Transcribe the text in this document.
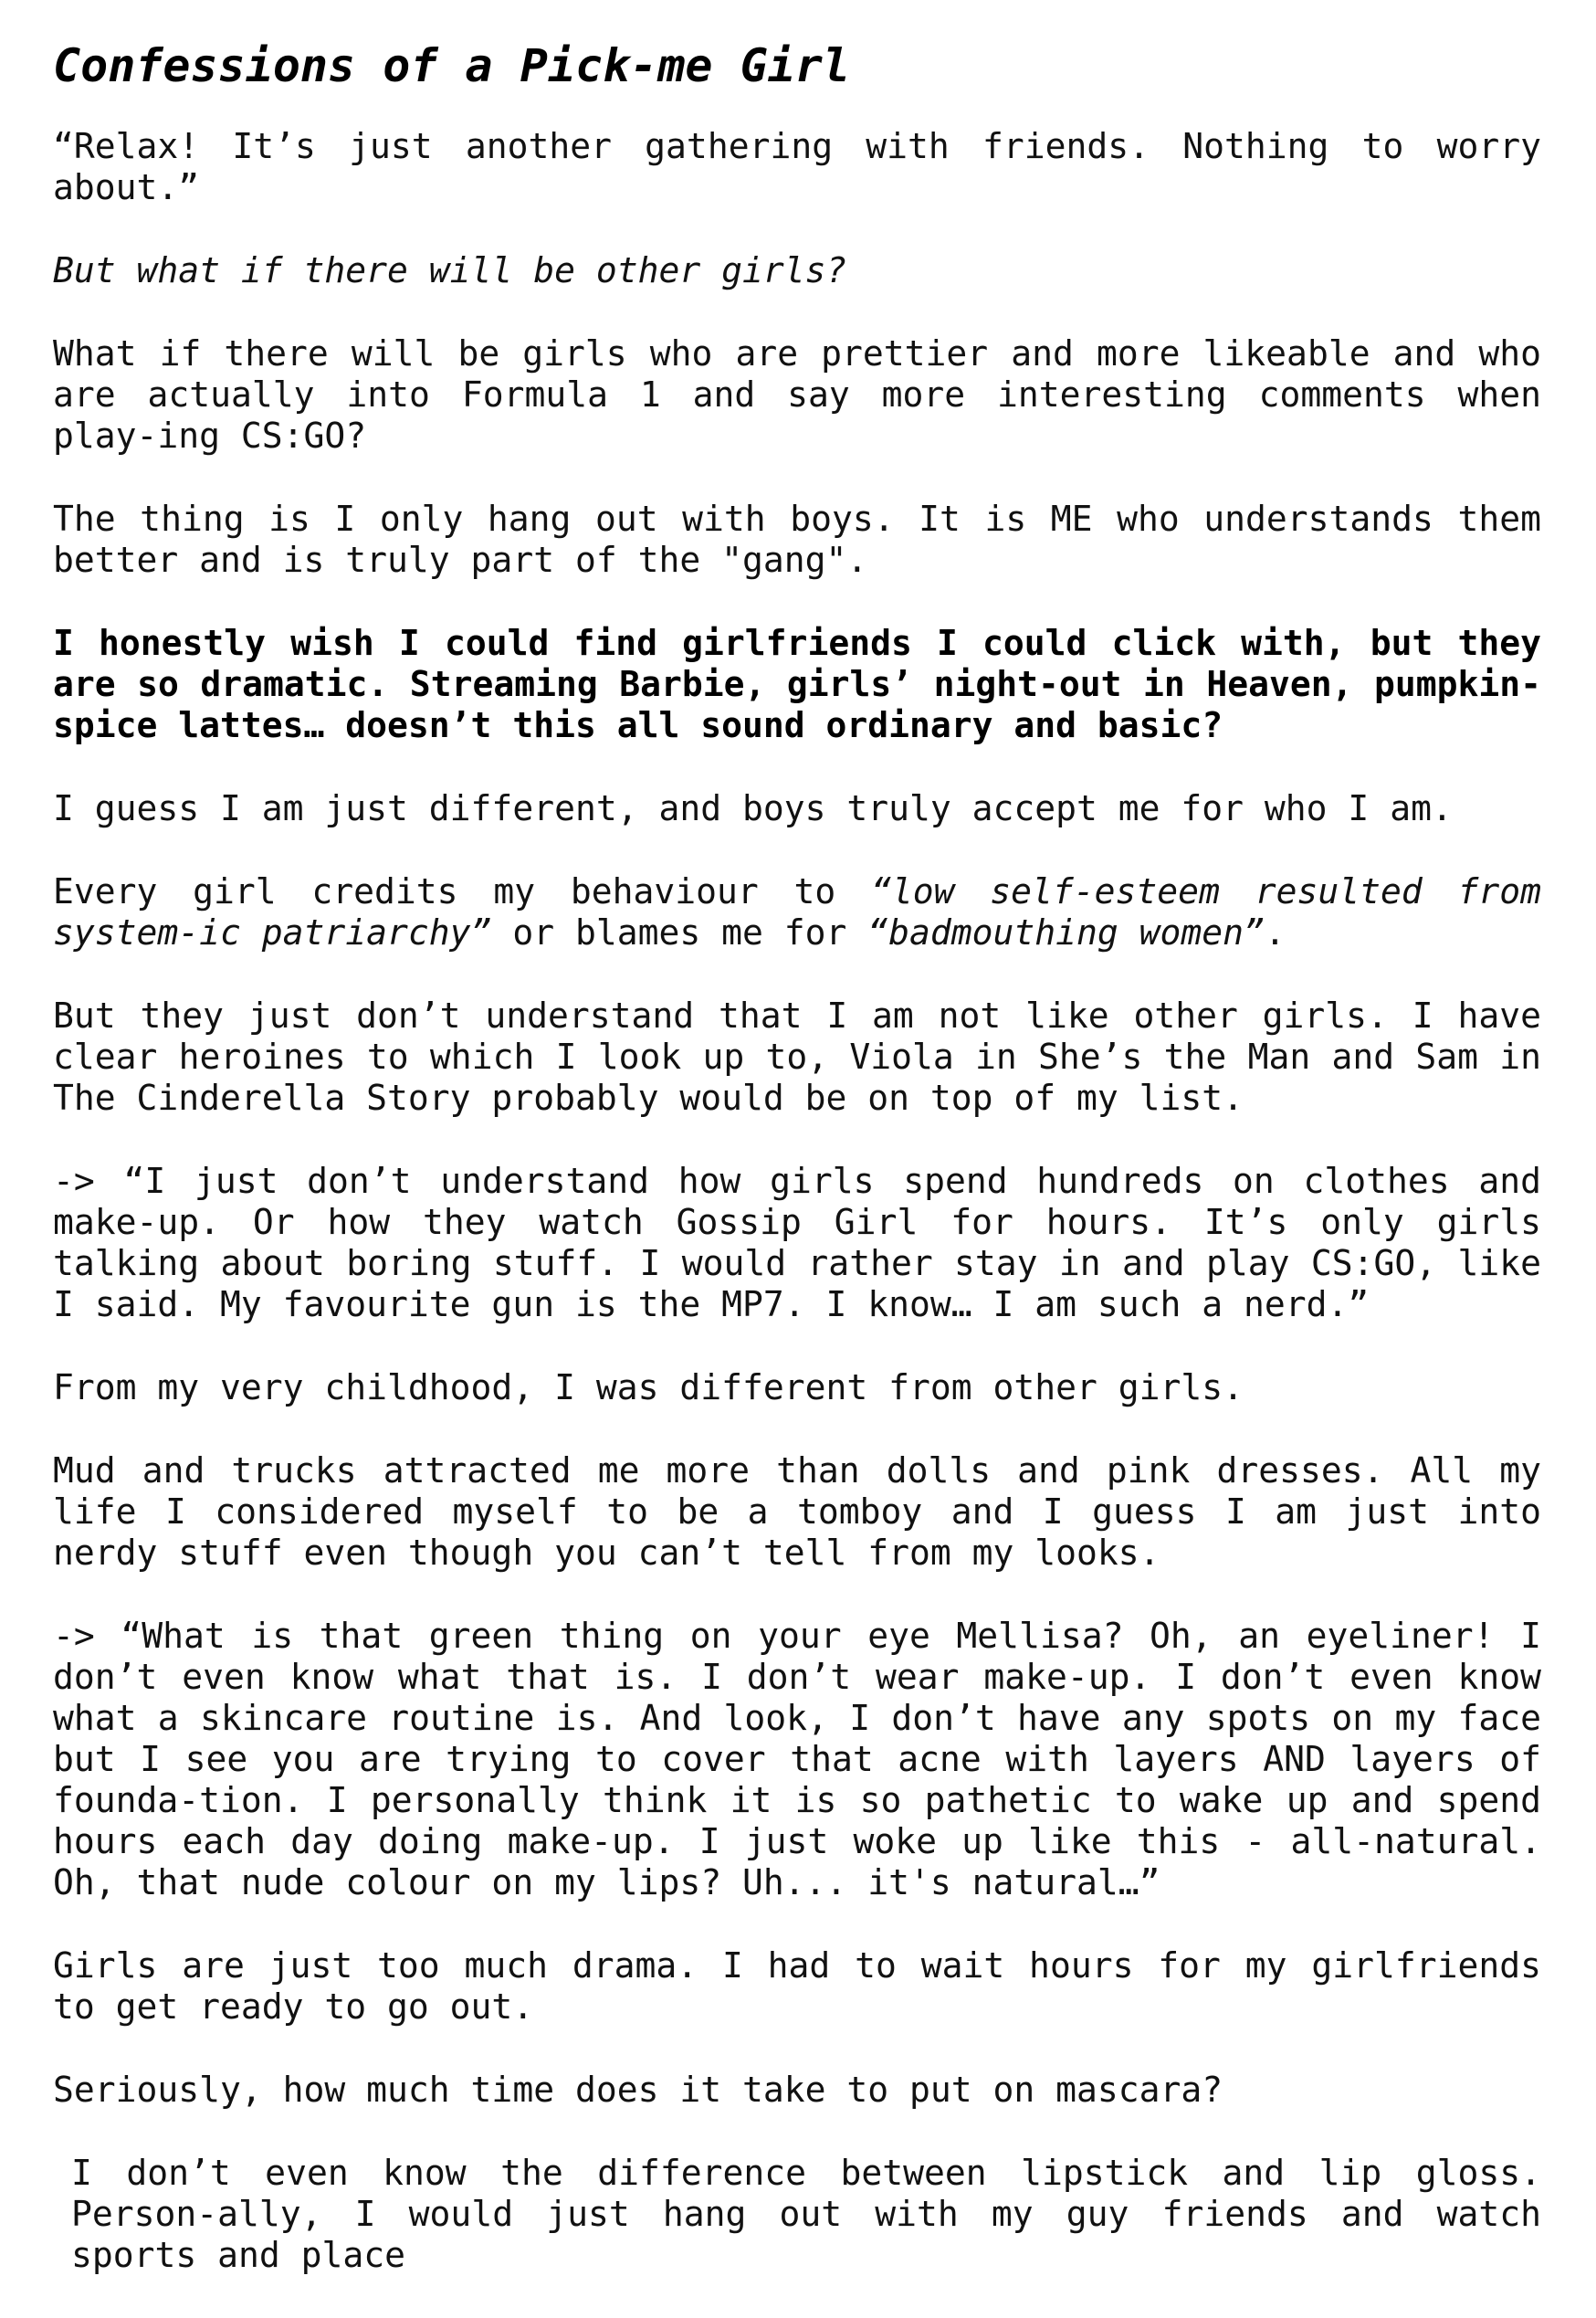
Confessions of a Pick-me Girl

“Relax! It’s just another gathering with friends. Nothing to worry about.”

But what if there will be other girls?

What if there will be girls who are prettier and more likeable and who are actually into Formula 1 and say more interesting comments when play-ing CS:GO?

The thing is I only hang out with boys. It is ME who understands them better and is truly part of the "gang".

I honestly wish I could find girlfriends I could click with, but they are so dramatic. Streaming Barbie, girls’ night-out in Heaven, pumpkin-spice lattes… doesn’t this all sound ordinary and basic?

I guess I am just different, and boys truly accept me for who I am.

Every girl credits my behaviour to “low self-esteem resulted from system-ic patriarchy” or blames me for “badmouthing women”.

But they just don’t understand that I am not like other girls. I have clear heroines to which I look up to, Viola in She’s the Man and Sam in The Cinderella Story probably would be on top of my list.

-> “I just don’t understand how girls spend hundreds on clothes and make-up. Or how they watch Gossip Girl for hours. It’s only girls talking about boring stuff. I would rather stay in and play CS:GO, like I said. My favourite gun is the MP7. I know… I am such a nerd.”

From my very childhood, I was different from other girls.

Mud and trucks attracted me more than dolls and pink dresses. All my life I considered myself to be a tomboy and I guess I am just into nerdy stuff even though you can’t tell from my looks.

-> “What is that green thing on your eye Mellisa? Oh, an eyeliner! I don’t even know what that is. I don’t wear make-up. I don’t even know what a skincare routine is. And look, I don’t have any spots on my face but I see you are trying to cover that acne with layers AND layers of founda-tion. I personally think it is so pathetic to wake up and spend hours each day doing make-up. I just woke up like this - all-natural. Oh, that nude colour on my lips? Uh... it's natural…”

Girls are just too much drama. I had to wait hours for my girlfriends to get ready to go out.

Seriously, how much time does it take to put on mascara?

I don’t even know the difference between lipstick and lip gloss. Person-ally, I would just hang out with my guy friends and watch sports and place
